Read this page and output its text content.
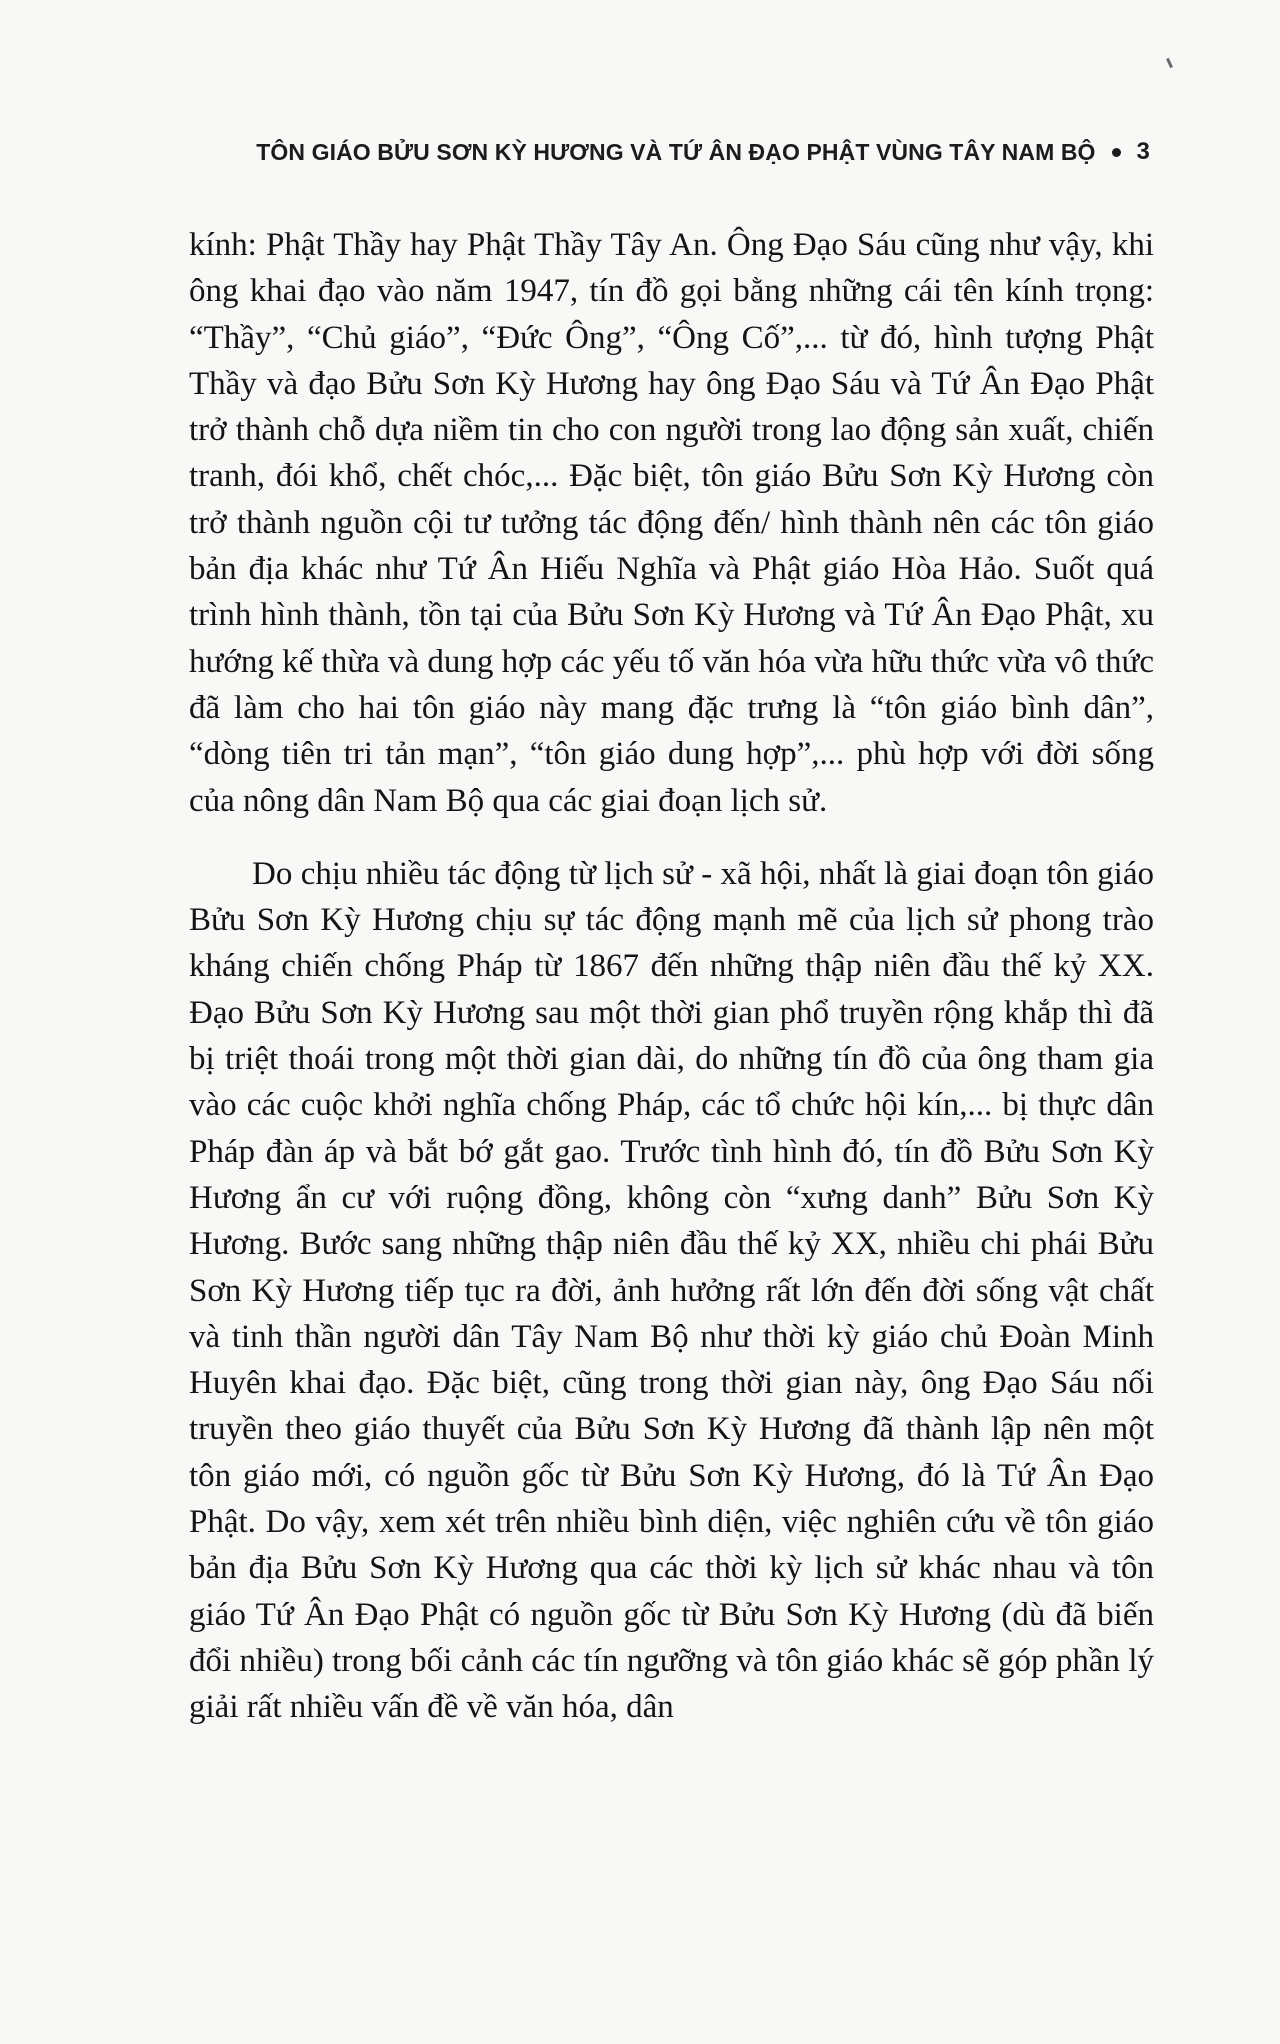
TÔN GIÁO BỬU SƠN KỲ HƯƠNG VÀ TỨ ÂN ĐẠO PHẬT VÙNG TÂY NAM BỘ 3

kính: Phật Thầy hay Phật Thầy Tây An. Ông Đạo Sáu cũng như vậy, khi ông khai đạo vào năm 1947, tín đồ gọi bằng những cái tên kính trọng: “Thầy”, “Chủ giáo”, “Đức Ông”, “Ông Cố”,... từ đó, hình tượng Phật Thầy và đạo Bửu Sơn Kỳ Hương hay ông Đạo Sáu và Tứ Ân Đạo Phật trở thành chỗ dựa niềm tin cho con người trong lao động sản xuất, chiến tranh, đói khổ, chết chóc,... Đặc biệt, tôn giáo Bửu Sơn Kỳ Hương còn trở thành nguồn cội tư tưởng tác động đến/ hình thành nên các tôn giáo bản địa khác như Tứ Ân Hiếu Nghĩa và Phật giáo Hòa Hảo. Suốt quá trình hình thành, tồn tại của Bửu Sơn Kỳ Hương và Tứ Ân Đạo Phật, xu hướng kế thừa và dung hợp các yếu tố văn hóa vừa hữu thức vừa vô thức đã làm cho hai tôn giáo này mang đặc trưng là “tôn giáo bình dân”, “dòng tiên tri tản mạn”, “tôn giáo dung hợp”,... phù hợp với đời sống của nông dân Nam Bộ qua các giai đoạn lịch sử.

Do chịu nhiều tác động từ lịch sử - xã hội, nhất là giai đoạn tôn giáo Bửu Sơn Kỳ Hương chịu sự tác động mạnh mẽ của lịch sử phong trào kháng chiến chống Pháp từ 1867 đến những thập niên đầu thế kỷ XX. Đạo Bửu Sơn Kỳ Hương sau một thời gian phổ truyền rộng khắp thì đã bị triệt thoái trong một thời gian dài, do những tín đồ của ông tham gia vào các cuộc khởi nghĩa chống Pháp, các tổ chức hội kín,... bị thực dân Pháp đàn áp và bắt bớ gắt gao. Trước tình hình đó, tín đồ Bửu Sơn Kỳ Hương ẩn cư với ruộng đồng, không còn “xưng danh” Bửu Sơn Kỳ Hương. Bước sang những thập niên đầu thế kỷ XX, nhiều chi phái Bửu Sơn Kỳ Hương tiếp tục ra đời, ảnh hưởng rất lớn đến đời sống vật chất và tinh thần người dân Tây Nam Bộ như thời kỳ giáo chủ Đoàn Minh Huyên khai đạo. Đặc biệt, cũng trong thời gian này, ông Đạo Sáu nối truyền theo giáo thuyết của Bửu Sơn Kỳ Hương đã thành lập nên một tôn giáo mới, có nguồn gốc từ Bửu Sơn Kỳ Hương, đó là Tứ Ân Đạo Phật. Do vậy, xem xét trên nhiều bình diện, việc nghiên cứu về tôn giáo bản địa Bửu Sơn Kỳ Hương qua các thời kỳ lịch sử khác nhau và tôn giáo Tứ Ân Đạo Phật có nguồn gốc từ Bửu Sơn Kỳ Hương (dù đã biến đổi nhiều) trong bối cảnh các tín ngưỡng và tôn giáo khác sẽ góp phần lý giải rất nhiều vấn đề về văn hóa, dân
